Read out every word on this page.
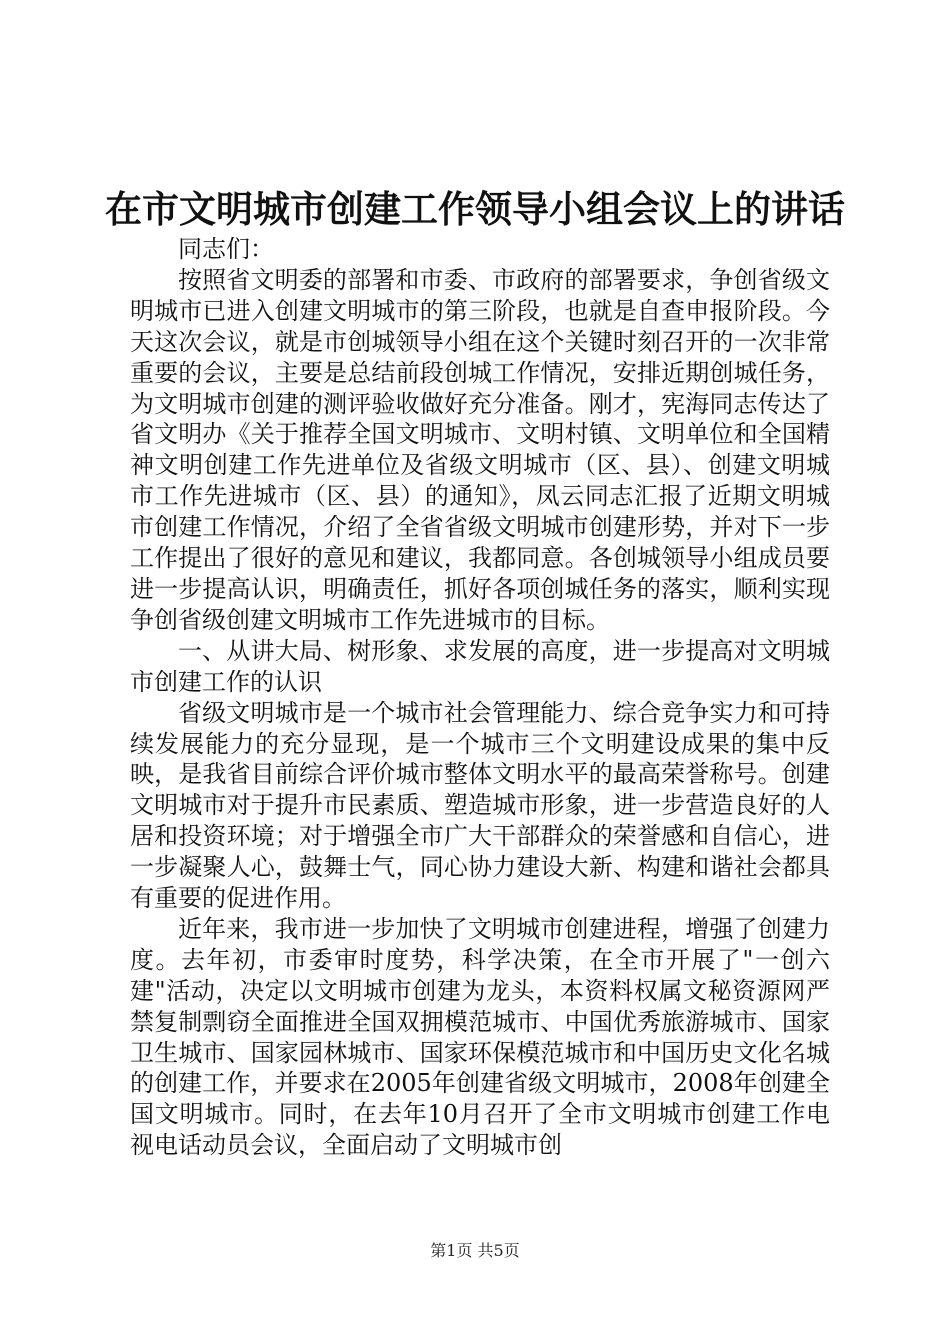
在市文明城市创建工作领导小组会议上的讲话

同志们：

按照省文明委的部署和市委、市政府的部署要求，争创省级文明城市已进入创建文明城市的第三阶段，也就是自查申报阶段。今天这次会议，就是市创城领导小组在这个关键时刻召开的一次非常重要的会议，主要是总结前段创城工作情况，安排近期创城任务，为文明城市创建的测评验收做好充分准备。刚才，宪海同志传达了省文明办《关于推荐全国文明城市、文明村镇、文明单位和全国精神文明创建工作先进单位及省级文明城市（区、县）、创建文明城市工作先进城市（区、县）的通知》，凤云同志汇报了近期文明城市创建工作情况，介绍了全省省级文明城市创建形势，并对下一步工作提出了很好的意见和建议，我都同意。各创城领导小组成员要进一步提高认识，明确责任，抓好各项创城任务的落实，顺利实现争创省级创建文明城市工作先进城市的目标。

一、从讲大局、树形象、求发展的高度，进一步提高对文明城市创建工作的认识

省级文明城市是一个城市社会管理能力、综合竞争实力和可持续发展能力的充分显现，是一个城市三个文明建设成果的集中反映，是我省目前综合评价城市整体文明水平的最高荣誉称号。创建文明城市对于提升市民素质、塑造城市形象，进一步营造良好的人居和投资环境；对于增强全市广大干部群众的荣誉感和自信心，进一步凝聚人心，鼓舞士气，同心协力建设大新、构建和谐社会都具有重要的促进作用。

近年来，我市进一步加快了文明城市创建进程，增强了创建力度。去年初，市委审时度势，科学决策，在全市开展了"一创六建"活动，决定以文明城市创建为龙头，本资料权属文秘资源网严禁复制剽窃全面推进全国双拥模范城市、中国优秀旅游城市、国家卫生城市、国家园林城市、国家环保模范城市和中国历史文化名城的创建工作，并要求在2005年创建省级文明城市，2008年创建全国文明城市。同时，在去年10月召开了全市文明城市创建工作电视电话动员会议，全面启动了文明城市创

第1页 共5页
